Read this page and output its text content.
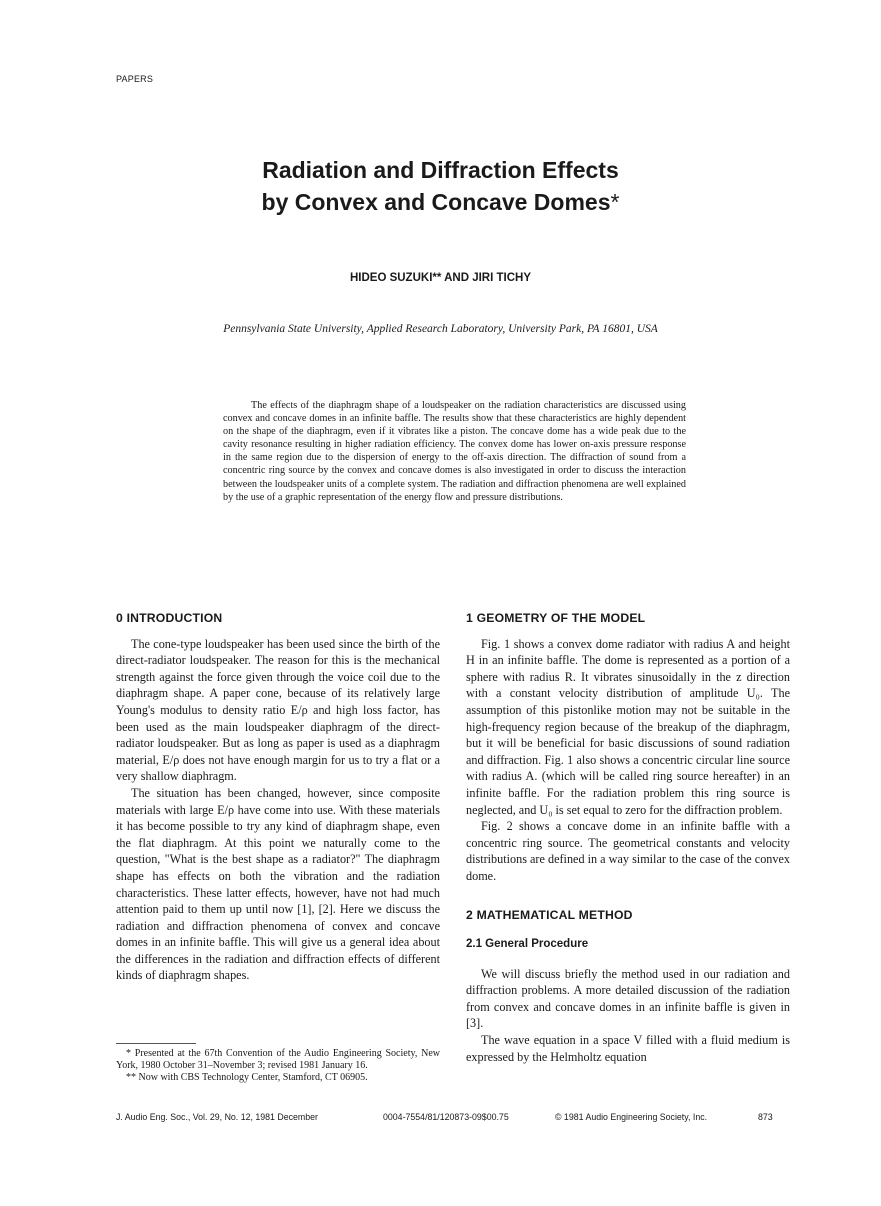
PAPERS
Radiation and Diffraction Effects
by Convex and Concave Domes*
HIDEO SUZUKI** AND JIRI TICHY
Pennsylvania State University, Applied Research Laboratory, University Park, PA 16801, USA
The effects of the diaphragm shape of a loudspeaker on the radiation characteristics are discussed using convex and concave domes in an infinite baffle. The results show that these characteristics are highly dependent on the shape of the diaphragm, even if it vibrates like a piston. The concave dome has a wide peak due to the cavity resonance resulting in higher radiation efficiency. The convex dome has lower on-axis pressure response in the same region due to the dispersion of energy to the off-axis direction. The diffraction of sound from a concentric ring source by the convex and concave domes is also investigated in order to discuss the interaction between the loudspeaker units of a complete system. The radiation and diffraction phenomena are well explained by the use of a graphic representation of the energy flow and pressure distributions.
0 INTRODUCTION

The cone-type loudspeaker has been used since the birth of the direct-radiator loudspeaker. The reason for this is the mechanical strength against the force given through the voice coil due to the diaphragm shape. A paper cone, because of its relatively large Young's modulus to density ratio E/ρ and high loss factor, has been used as the main loudspeaker diaphragm of the direct-radiator loudspeaker. But as long as paper is used as a diaphragm material, E/ρ does not have enough margin for us to try a flat or a very shallow diaphragm.

The situation has been changed, however, since composite materials with large E/ρ have come into use. With these materials it has become possible to try any kind of diaphragm shape, even the flat diaphragm. At this point we naturally come to the question, "What is the best shape as a radiator?" The diaphragm shape has effects on both the vibration and the radiation characteristics. These latter effects, however, have not had much attention paid to them up until now [1], [2]. Here we discuss the radiation and diffraction phenomena of convex and concave domes in an infinite baffle. This will give us a general idea about the differences in the radiation and diffraction effects of different kinds of diaphragm shapes.

* Presented at the 67th Convention of the Audio Engineering Society, New York, 1980 October 31–November 3; revised 1981 January 16.

** Now with CBS Technology Center, Stamford, CT 06905.

1 GEOMETRY OF THE MODEL

Fig. 1 shows a convex dome radiator with radius A and height H in an infinite baffle. The dome is represented as a portion of a sphere with radius R. It vibrates sinusoidally in the z direction with a constant velocity distribution of amplitude U₀. The assumption of this pistonlike motion may not be suitable in the high-frequency region because of the breakup of the diaphragm, but it will be beneficial for basic discussions of sound radiation and diffraction. Fig. 1 also shows a concentric circular line source with radius A. (which will be called ring source hereafter) in an infinite baffle. For the radiation problem this ring source is neglected, and U₀ is set equal to zero for the diffraction problem.

Fig. 2 shows a concave dome in an infinite baffle with a concentric ring source. The geometrical constants and velocity distributions are defined in a way similar to the case of the convex dome.

2 MATHEMATICAL METHOD
2.1 General Procedure

We will discuss briefly the method used in our radiation and diffraction problems. A more detailed discussion of the radiation from convex and concave domes in an infinite baffle is given in [3].

The wave equation in a space V filled with a fluid medium is expressed by the Helmholtz equation

J. Audio Eng. Soc., Vol. 29, No. 12, 1981 December	0004-7554/81/120873-09$00.75	© 1981 Audio Engineering Society, Inc.	873
